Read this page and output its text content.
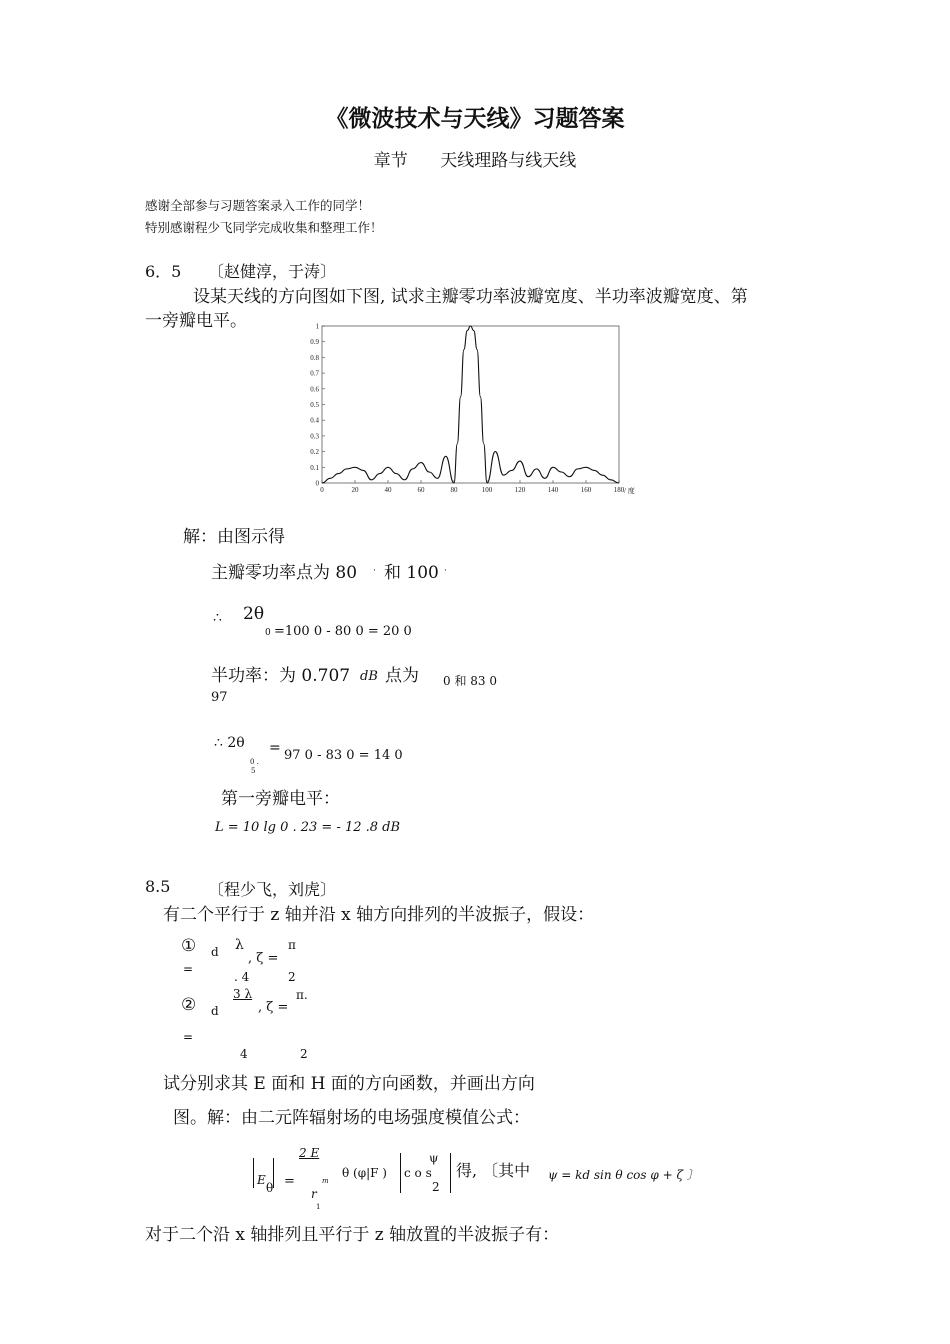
《微波技术与天线》习题答案
章节      天线理路与线天线
感谢全部参与习题答案录入工作的同学！
特别感谢程少飞同学完成收集和整理工作！
6．5 〔赵健淳，于涛〕
设某天线的方向图如下图, 试求主瓣零功率波瓣宽度、半功率波瓣宽度、第
一旁瓣电平。
0	20	40	60	80	100	120	140	160	180
0
0.1
0.2
0.3
0.4
0.5
0.6
0.7
0.8
0.9
1
/ 度
解：由图示得
主瓣零功率点为 80 · 和 100 ·
∴ 2θ
0 =100 0 - 80 0 = 20 0
半功率：为 0.707 dB 点为 0 和 83 0
97
∴ 2θ
0 .
5
= 97 0 - 83 0 = 14 0
第一旁瓣电平：
L = 10 lg 0 . 23 = - 12 .8 dB
8.5 〔程少飞，刘虎〕
有二个平行于 z 轴并沿 x 轴方向排列的半波振子，假设：
① d
=
λ
. 4
, ζ =
π
2
② d
3 λ
, ζ =
π.
=
4	2
试分别求其 E 面和 H 面的方向函数，并画出方向
图。解：由二元阵辐射场的电场强度模值公式：
E
θ =
2 E
m
r
1
θ (φ|F ) c o s
ψ
2
得, 〔其中 ψ = kd sin θ cos φ + ζ 〕
对于二个沿 x 轴排列且平行于 z 轴放置的半波振子有：
